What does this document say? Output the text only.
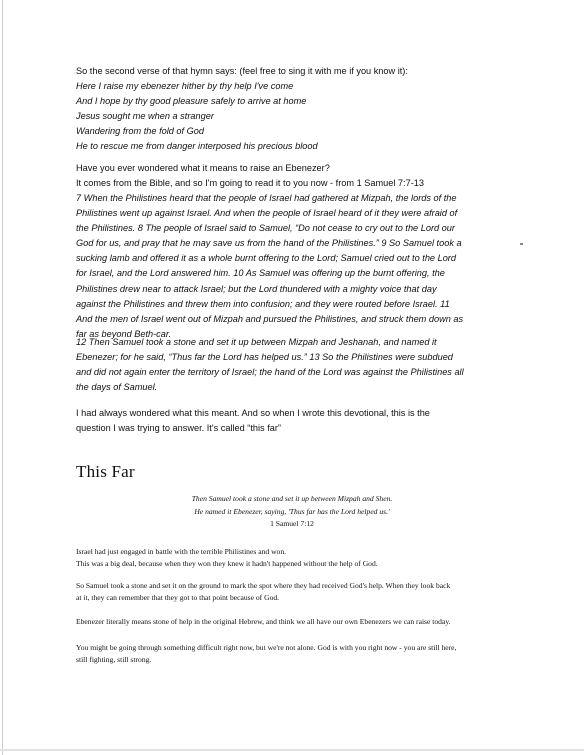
So the second verse of that hymn says: (feel free to sing it with me if you know it):
Here I raise my ebenezer hither by thy help I've come
And I hope by thy good pleasure safely to arrive at home
Jesus sought me when a stranger
Wandering from the fold of God
He to rescue me from danger interposed his precious blood
Have you ever wondered what it means to raise an Ebenezer?
It comes from the Bible, and so I'm going to read it to you now - from 1 Samuel 7:7-13
7 When the Philistines heard that the people of Israel had gathered at Mizpah, the lords of the
Philistines went up against Israel. And when the people of Israel heard of it they were afraid of
the Philistines. 8 The people of Israel said to Samuel, “Do not cease to cry out to the Lord our
God for us, and pray that he may save us from the hand of the Philistines.” 9 So Samuel took a
sucking lamb and offered it as a whole burnt offering to the Lord; Samuel cried out to the Lord
for Israel, and the Lord answered him. 10 As Samuel was offering up the burnt offering, the
Philistines drew near to attack Israel; but the Lord thundered with a mighty voice that day
against the Philistines and threw them into confusion; and they were routed before Israel. 11
And the men of Israel went out of Mizpah and pursued the Philistines, and struck them down as
far as beyond Beth-car.
12 Then Samuel took a stone and set it up between Mizpah and Jeshanah, and named it
Ebenezer; for he said, “Thus far the Lord has helped us.” 13 So the Philistines were subdued
and did not again enter the territory of Israel; the hand of the Lord was against the Philistines all
the days of Samuel.
I had always wondered what this meant. And so when I wrote this devotional, this is the
question I was trying to answer. It's called “this far”
This Far
Then Samuel took a stone and set it up between Mizpah and Shen.
He named it Ebenezer, saying, 'Thus far has the Lord helped us.'
1 Samuel 7:12
Israel had just engaged in battle with the terrible Philistines and won.
This was a big deal, because when they won they knew it hadn't happened without the help of God.
So Samuel took a stone and set it on the ground to mark the spot where they had received God's help. When they look back
at it, they can remember that they got to that point because of God.
Ebenezer literally means stone of help in the original Hebrew, and think we all have our own Ebenezers we can raise today.
You might be going through something difficult right now, but we're not alone. God is with you right now - you are still here,
still fighting, still strong.
